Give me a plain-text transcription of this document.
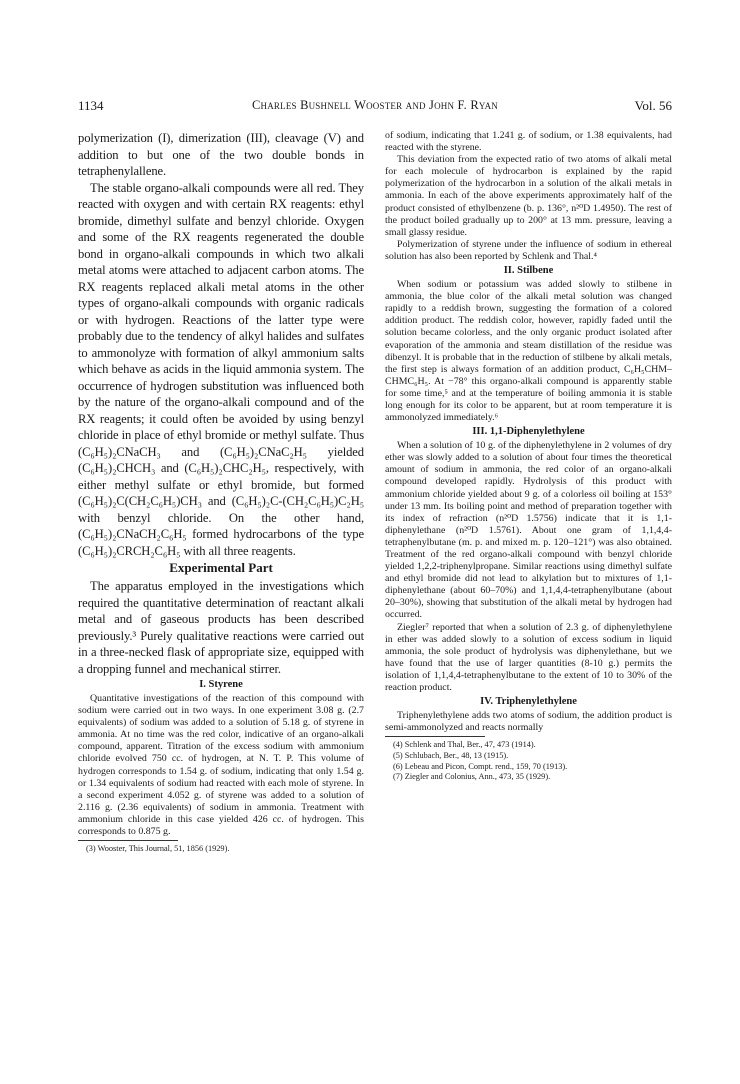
1134	Charles Bushnell Wooster and John F. Ryan	Vol. 56

polymerization (I), dimerization (III), cleavage (V) and addition to but one of the two double bonds in tetraphenylallene.

The stable organo-alkali compounds were all red. They reacted with oxygen and with certain RX reagents: ethyl bromide, dimethyl sulfate and benzyl chloride. Oxygen and some of the RX reagents regenerated the double bond in organo-alkali compounds in which two alkali metal atoms were attached to adjacent carbon atoms. The RX reagents replaced alkali metal atoms in the other types of organo-alkali compounds with organic radicals or with hydrogen. Reactions of the latter type were probably due to the tendency of alkyl halides and sulfates to ammonolyze with formation of alkyl ammonium salts which behave as acids in the liquid ammonia system. The occurrence of hydrogen substitution was influenced both by the nature of the organo-alkali compound and of the RX reagents; it could often be avoided by using benzyl chloride in place of ethyl bromide or methyl sulfate. Thus (C₆H₅)₂CNaCH₃ and (C₆H₅)₂CNaC₂H₅ yielded (C₆H₅)₂CHCH₃ and (C₆H₅)₂CHC₂H₅, respectively, with either methyl sulfate or ethyl bromide, but formed (C₆H₅)₂C(CH₂C₆H₅)CH₃ and (C₆H₅)₂C-(CH₂C₆H₅)C₂H₅ with benzyl chloride. On the other hand, (C₆H₅)₂CNaCH₂C₆H₅ formed hydrocarbons of the type (C₆H₅)₂CRCH₂C₆H₅ with all three reagents.

Experimental Part

The apparatus employed in the investigations which required the quantitative determination of reactant alkali metal and of gaseous products has been described previously.³ Purely qualitative reactions were carried out in a three-necked flask of appropriate size, equipped with a dropping funnel and mechanical stirrer.

I. Styrene

Quantitative investigations of the reaction of this compound with sodium were carried out in two ways. In one experiment 3.08 g. (2.7 equivalents) of sodium was added to a solution of 5.18 g. of styrene in ammonia. At no time was the red color, indicative of an organo-alkali compound, apparent. Titration of the excess sodium with ammonium chloride evolved 750 cc. of hydrogen, at N. T. P. This volume of hydrogen corresponds to 1.54 g. of sodium, indicating that only 1.54 g. or 1.34 equivalents of sodium had reacted with each mole of styrene. In a second experiment 4.052 g. of styrene was added to a solution of 2.116 g. (2.36 equivalents) of sodium in ammonia. Treatment with ammonium chloride in this case yielded 426 cc. of hydrogen. This corresponds to 0.875 g.

(3) Wooster, This Journal, 51, 1856 (1929).

of sodium, indicating that 1.241 g. of sodium, or 1.38 equivalents, had reacted with the styrene.

This deviation from the expected ratio of two atoms of alkali metal for each molecule of hydrocarbon is explained by the rapid polymerization of the hydrocarbon in a solution of the alkali metals in ammonia. In each of the above experiments approximately half of the product consisted of ethylbenzene (b. p. 136°, n²⁰D 1.4950). The rest of the product boiled gradually up to 200° at 13 mm. pressure, leaving a small glassy residue.

Polymerization of styrene under the influence of sodium in ethereal solution has also been reported by Schlenk and Thal.⁴

II. Stilbene

When sodium or potassium was added slowly to stilbene in ammonia, the blue color of the alkali metal solution was changed rapidly to a reddish brown, suggesting the formation of a colored addition product. The reddish color, however, rapidly faded until the solution became colorless, and the only organic product isolated after evaporation of the ammonia and steam distillation of the residue was dibenzyl. It is probable that in the reduction of stilbene by alkali metals, the first step is always formation of an addition product, C₆H₅CHM–CHMC₆H₅. At −78° this organo-alkali compound is apparently stable for some time,⁵ and at the temperature of boiling ammonia it is stable long enough for its color to be apparent, but at room temperature it is ammonolyzed immediately.⁶

III. 1,1-Diphenylethylene

When a solution of 10 g. of the diphenylethylene in 2 volumes of dry ether was slowly added to a solution of about four times the theoretical amount of sodium in ammonia, the red color of an organo-alkali compound developed rapidly. Hydrolysis of this product with ammonium chloride yielded about 9 g. of a colorless oil boiling at 153° under 13 mm. Its boiling point and method of preparation together with its index of refraction (n²⁰D 1.5756) indicate that it is 1,1-diphenylethane (n²⁰D 1.5761). About one gram of 1,1,4,4-tetraphenylbutane (m. p. and mixed m. p. 120–121°) was also obtained. Treatment of the red organo-alkali compound with benzyl chloride yielded 1,2,2-triphenylpropane. Similar reactions using dimethyl sulfate and ethyl bromide did not lead to alkylation but to mixtures of 1,1-diphenylethane (about 60–70%) and 1,1,4,4-tetraphenylbutane (about 20–30%), showing that substitution of the alkali metal by hydrogen had occurred.

Ziegler⁷ reported that when a solution of 2.3 g. of diphenylethylene in ether was added slowly to a solution of excess sodium in liquid ammonia, the sole product of hydrolysis was diphenylethane, but we have found that the use of larger quantities (8-10 g.) permits the isolation of 1,1,4,4-tetraphenylbutane to the extent of 10 to 30% of the reaction product.

IV. Triphenylethylene

Triphenylethylene adds two atoms of sodium, the addition product is semi-ammonolyzed and reacts normally

(4) Schlenk and Thal, Ber., 47, 473 (1914).
(5) Schlubach, Ber., 48, 13 (1915).
(6) Lebeau and Picon, Compt. rend., 159, 70 (1913).
(7) Ziegler and Colonius, Ann., 473, 35 (1929).
